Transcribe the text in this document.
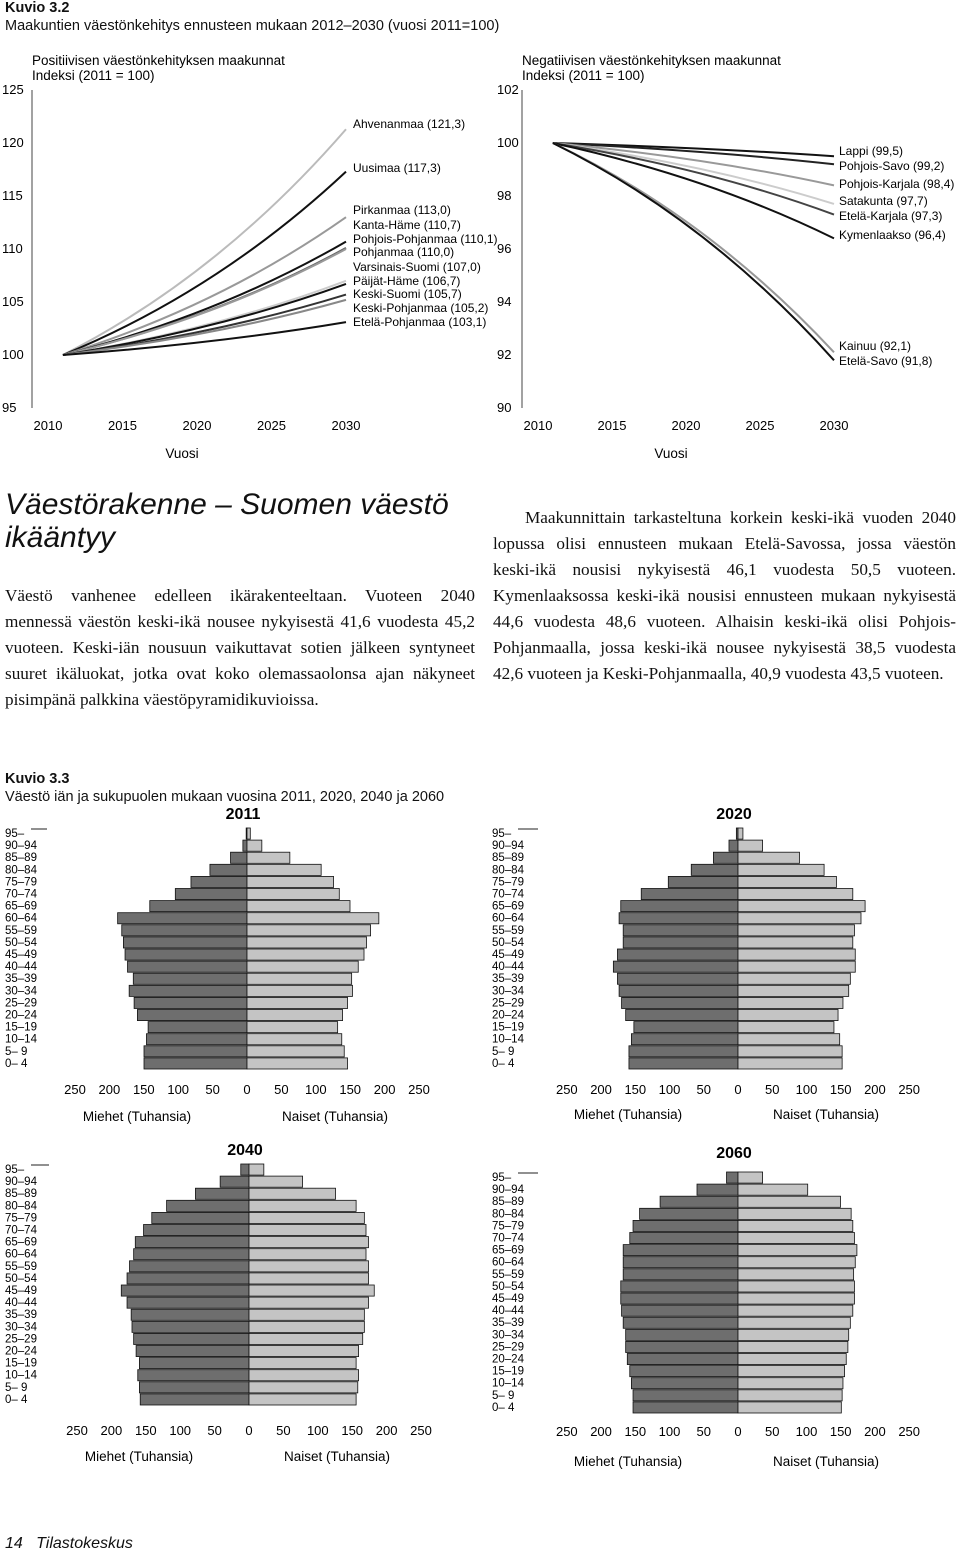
Kuvio 3.2
Maakuntien väestönkehitys ennusteen mukaan 2012–2030 (vuosi 2011=100)
Positiivisen väestönkehityksen maakunnat
Indeksi (2011 = 100)
125
120
115
110
105
100
95
2010	2015	2020	2025	2030
Vuosi
Ahvenanmaa (121,3)
Uusimaa (117,3)
Pirkanmaa (113,0)
Kanta-Häme (110,7)
Pohjois-Pohjanmaa (110,1)
Pohjanmaa (110,0)
Varsinais-Suomi (107,0)
Päijät-Häme (106,7)
Keski-Suomi (105,7)
Keski-Pohjanmaa (105,2)
Etelä-Pohjanmaa (103,1)
Negatiivisen väestönkehityksen maakunnat
Indeksi (2011 = 100)
102
100
98
96
94
92
90
2010	2015	2020	2025	2030
Vuosi
Lappi (99,5)
Pohjois-Savo (99,2)
Pohjois-Karjala (98,4)
Satakunta (97,7)
Etelä-Karjala (97,3)
Kymenlaakso (96,4)
Kainuu (92,1)
Etelä-Savo (91,8)
Väestörakenne – Suomen väestö ikääntyy
Väestö vanhenee edelleen ikärakenteeltaan. Vuoteen 2040 mennessä väestön keski-ikä nousee nykyisestä 41,6 vuodesta 45,2 vuoteen. Keski-iän nousuun vaikuttavat sotien jälkeen syntyneet suuret ikäluokat, jotka ovat koko olemassaolonsa ajan näkyneet pisimpänä palkkina väestöpyramidikuvioissa.
Maakunnittain tarkasteltuna korkein keski-ikä vuoden 2040 lopussa olisi ennusteen mukaan Etelä-Savossa, jossa väestön keski-ikä nousisi nykyisestä 46,1 vuodesta 50,5 vuoteen. Kymenlaaksossa keski-ikä nousisi ennusteen mukaan nykyisestä 44,6 vuodesta 48,6 vuoteen. Alhaisin keski-ikä olisi Pohjois-Pohjanmaalla, jossa keski-ikä nousee nykyisestä 38,5 vuodesta 42,6 vuoteen ja Keski-Pohjanmaalla, 40,9 vuodesta 43,5 vuoteen.
Kuvio 3.3
Väestö iän ja sukupuolen mukaan vuosina 2011, 2020, 2040 ja 2060
2011
95–
90–94
85–89
80–84
75–79
70–74
65–69
60–64
55–59
50–54
45–49
40–44
35–39
30–34
25–29
20–24
15–19
10–14
5– 9
0– 4
250 200 150 100 50 0 50 100 150 200 250
Miehet (Tuhansia)	Naiset (Tuhansia)
2020
95–
90–94
85–89
80–84
75–79
70–74
65–69
60–64
55–59
50–54
45–49
40–44
35–39
30–34
25–29
20–24
15–19
10–14
5– 9
0– 4
250 200 150 100 50 0 50 100 150 200 250
Miehet (Tuhansia)	Naiset (Tuhansia)
2040
95–
90–94
85–89
80–84
75–79
70–74
65–69
60–64
55–59
50–54
45–49
40–44
35–39
30–34
25–29
20–24
15–19
10–14
5– 9
0– 4
250 200 150 100 50 0 50 100 150 200 250
Miehet (Tuhansia)	Naiset (Tuhansia)
2060
95–
90–94
85–89
80–84
75–79
70–74
65–69
60–64
55–59
50–54
45–49
40–44
35–39
30–34
25–29
20–24
15–19
10–14
5– 9
0– 4
250 200 150 100 50 0 50 100 150 200 250
Miehet (Tuhansia)	Naiset (Tuhansia)
14 Tilastokeskus
